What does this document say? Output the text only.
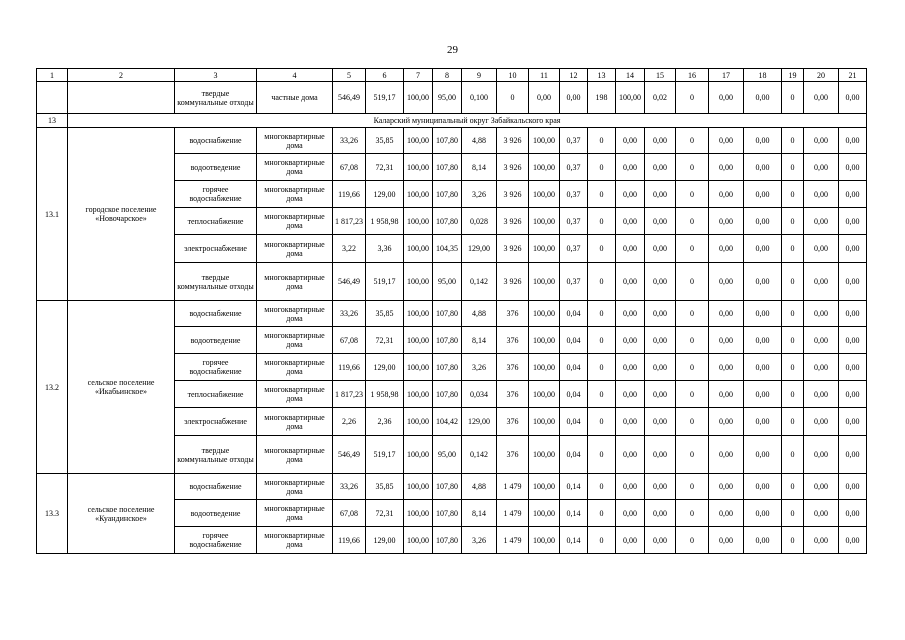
29
1	2	3	4	5	6	7	8	9	10	11	12	13	14	15	16	17	18	19	20	21
		твердые коммунальные отходы	частные дома	546,49	519,17	100,00	95,00	0,100	0	0,00	0,00	198	100,00	0,02	0	0,00	0,00	0	0,00	0,00
13	Каларский муниципальный округ Забайкальского края																			
13.1	городское поселение «Новочарское»	водоснабжение	многоквартирные дома	33,26	35,85	100,00	107,80	4,88	3 926	100,00	0,37	0	0,00	0,00	0	0,00	0,00	0	0,00	0,00
		водоотведение	многоквартирные дома	67,08	72,31	100,00	107,80	8,14	3 926	100,00	0,37	0	0,00	0,00	0	0,00	0,00	0	0,00	0,00
		горячее водоснабжение	многоквартирные дома	119,66	129,00	100,00	107,80	3,26	3 926	100,00	0,37	0	0,00	0,00	0	0,00	0,00	0	0,00	0,00
		теплоснабжение	многоквартирные дома	1 817,23	1 958,98	100,00	107,80	0,028	3 926	100,00	0,37	0	0,00	0,00	0	0,00	0,00	0	0,00	0,00
		электроснабжение	многоквартирные дома	3,22	3,36	100,00	104,35	129,00	3 926	100,00	0,37	0	0,00	0,00	0	0,00	0,00	0	0,00	0,00
		твердые коммунальные отходы	многоквартирные дома	546,49	519,17	100,00	95,00	0,142	3 926	100,00	0,37	0	0,00	0,00	0	0,00	0,00	0	0,00	0,00
13.2	сельское поселение «Икабьинское»	водоснабжение	многоквартирные дома	33,26	35,85	100,00	107,80	4,88	376	100,00	0,04	0	0,00	0,00	0	0,00	0,00	0	0,00	0,00
		водоотведение	многоквартирные дома	67,08	72,31	100,00	107,80	8,14	376	100,00	0,04	0	0,00	0,00	0	0,00	0,00	0	0,00	0,00
		горячее водоснабжение	многоквартирные дома	119,66	129,00	100,00	107,80	3,26	376	100,00	0,04	0	0,00	0,00	0	0,00	0,00	0	0,00	0,00
		теплоснабжение	многоквартирные дома	1 817,23	1 958,98	100,00	107,80	0,034	376	100,00	0,04	0	0,00	0,00	0	0,00	0,00	0	0,00	0,00
		электроснабжение	многоквартирные дома	2,26	2,36	100,00	104,42	129,00	376	100,00	0,04	0	0,00	0,00	0	0,00	0,00	0	0,00	0,00
		твердые коммунальные отходы	многоквартирные дома	546,49	519,17	100,00	95,00	0,142	376	100,00	0,04	0	0,00	0,00	0	0,00	0,00	0	0,00	0,00
13.3	сельское поселение «Куандинское»	водоснабжение	многоквартирные дома	33,26	35,85	100,00	107,80	4,88	1 479	100,00	0,14	0	0,00	0,00	0	0,00	0,00	0	0,00	0,00
		водоотведение	многоквартирные дома	67,08	72,31	100,00	107,80	8,14	1 479	100,00	0,14	0	0,00	0,00	0	0,00	0,00	0	0,00	0,00
		горячее водоснабжение	многоквартирные дома	119,66	129,00	100,00	107,80	3,26	1 479	100,00	0,14	0	0,00	0,00	0	0,00	0,00	0	0,00	0,00
